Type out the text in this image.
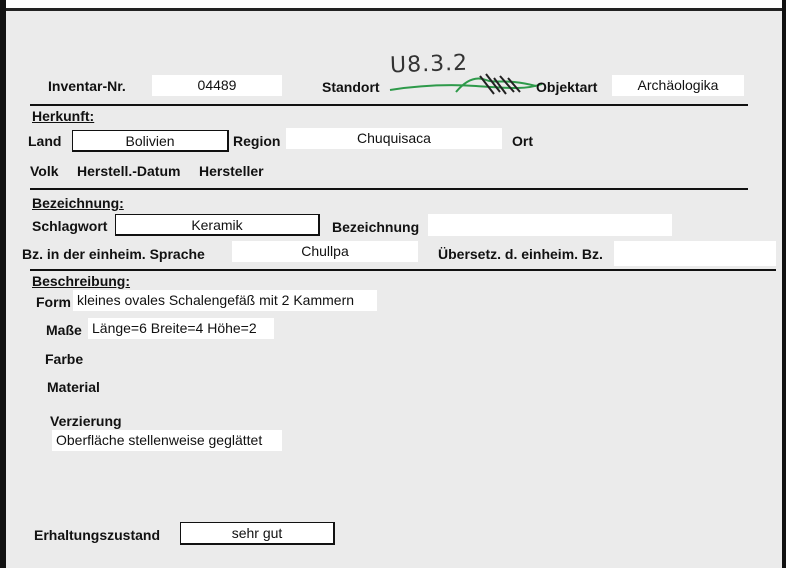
Inventar-Nr.	04489	Standort
U8.3.2
Objektart	Archäologika
Herkunft:
Land	Bolivien	Region	Chuquisaca	Ort
Volk Herstell.-Datum Hersteller
Bezeichnung:
Schlagwort	Keramik	Bezeichnung
Bz. in der einheim. Sprache	Chullpa	Übersetz. d. einheim. Bz.
Beschreibung:
Form kleines ovales Schalengefäß mit 2 Kammern
Maße Länge=6 Breite=4 Höhe=2
Farbe
Material
Verzierung
Oberfläche stellenweise geglättet
Erhaltungszustand	sehr gut
